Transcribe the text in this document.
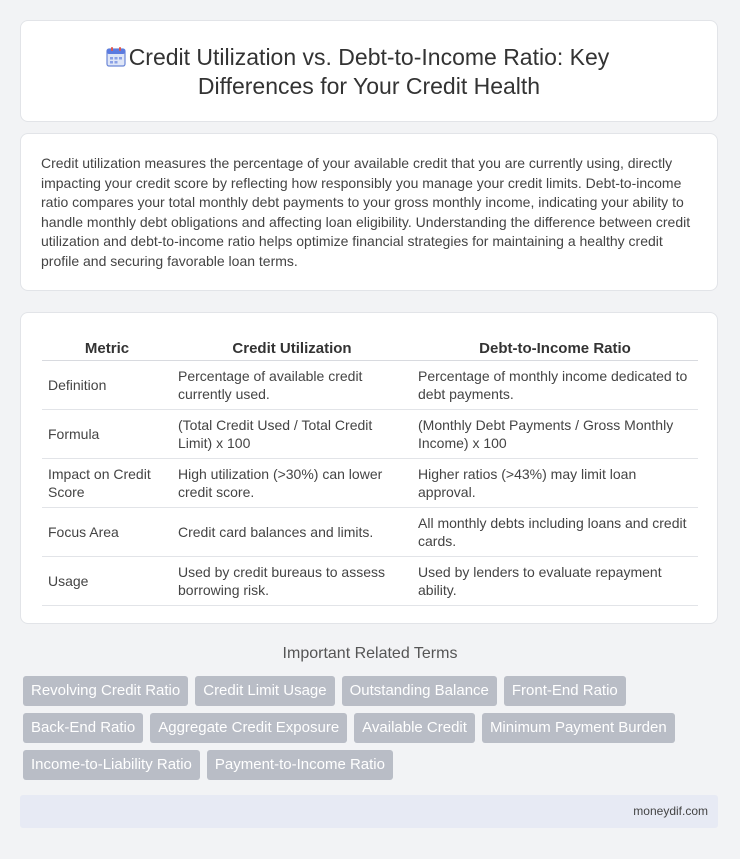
Credit Utilization vs. Debt-to-Income Ratio: Key Differences for Your Credit Health
Credit utilization measures the percentage of your available credit that you are currently using, directly impacting your credit score by reflecting how responsibly you manage your credit limits. Debt-to-income ratio compares your total monthly debt payments to your gross monthly income, indicating your ability to handle monthly debt obligations and affecting loan eligibility. Understanding the difference between credit utilization and debt-to-income ratio helps optimize financial strategies for maintaining a healthy credit profile and securing favorable loan terms.
Metric	Credit Utilization	Debt-to-Income Ratio
Definition	Percentage of available credit currently used.	Percentage of monthly income dedicated to debt payments.
Formula	(Total Credit Used / Total Credit Limit) x 100	(Monthly Debt Payments / Gross Monthly Income) x 100
Impact on Credit Score	High utilization (>30%) can lower credit score.	Higher ratios (>43%) may limit loan approval.
Focus Area	Credit card balances and limits.	All monthly debts including loans and credit cards.
Usage	Used by credit bureaus to assess borrowing risk.	Used by lenders to evaluate repayment ability.
Important Related Terms
Revolving Credit Ratio	Credit Limit Usage	Outstanding Balance	Front-End Ratio
Back-End Ratio	Aggregate Credit Exposure	Available Credit	Minimum Payment Burden
Income-to-Liability Ratio	Payment-to-Income Ratio
moneydif.com
